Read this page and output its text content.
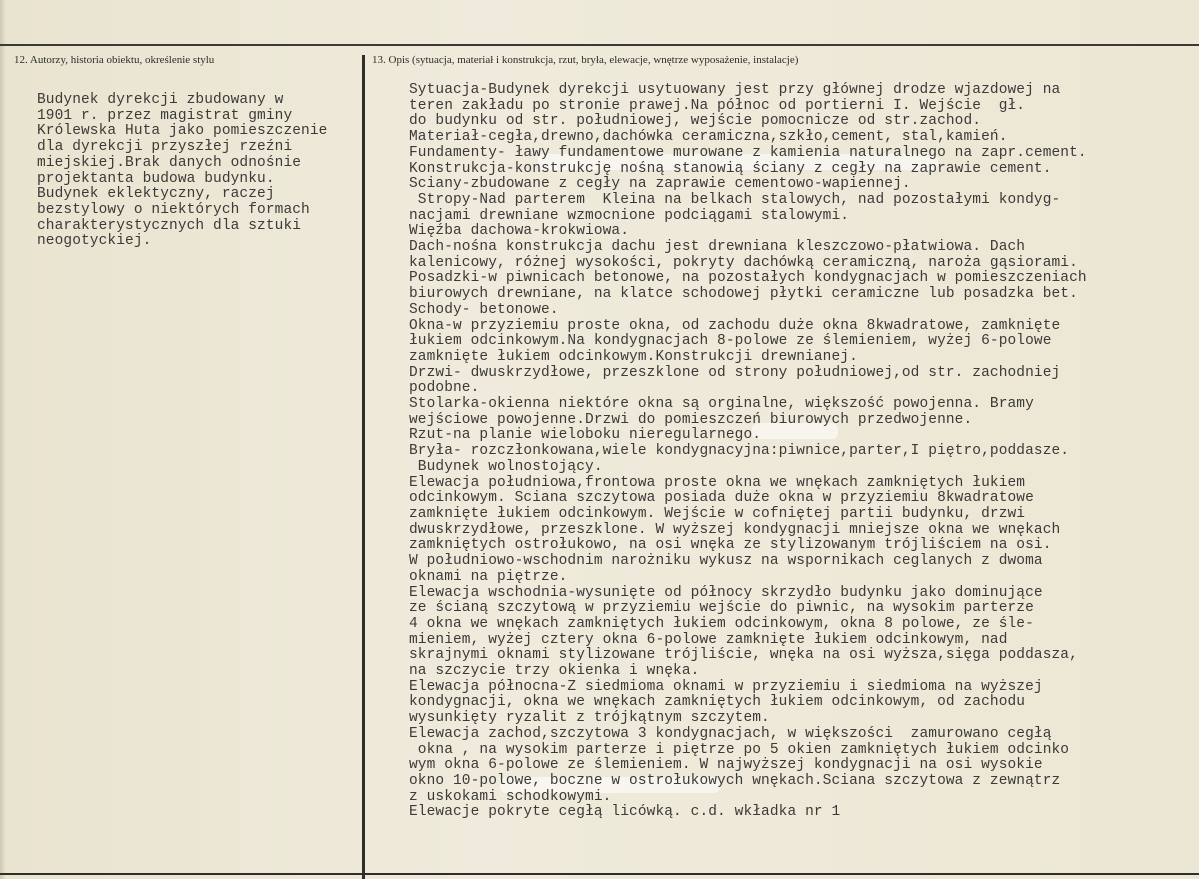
12. Autorzy, historia obiektu, określenie stylu	13. Opis (sytuacja, materiał i konstrukcja, rzut, bryła, elewacje, wnętrze wyposażenie, instalacje)
Budynek dyrekcji zbudowany w
1901 r. przez magistrat gminy
Królewska Huta jako pomieszczenie
dla dyrekcji przyszłej rzeźni
miejskiej.Brak danych odnośnie
projektanta budowa budynku.
Budynek eklektyczny, raczej
bezstylowy o niektórych formach
charakterystycznych dla sztuki
neogotyckiej.
Sytuacja-Budynek dyrekcji usytuowany jest przy głównej drodze wjazdowej na
teren zakładu po stronie prawej.Na północ od portierni I. Wejście  gł.
do budynku od str. południowej, wejście pomocnicze od str.zachod.
Materiał-cegła,drewno,dachówka ceramiczna,szkło,cement, stal,kamień.
Fundamenty- ławy fundamentowe murowane z kamienia naturalnego na zapr.cement.
Konstrukcja-konstrukcję nośną stanowią ściany z cegły na zaprawie cement.
Sciany-zbudowane z cegły na zaprawie cementowo-wapiennej.
Stropy-Nad parterem  Kleina na belkach stalowych, nad pozostałymi kondyg-
nacjami drewniane wzmocnione podciągami stalowymi.
Więźba dachowa-krokwiowa.
Dach-nośna konstrukcja dachu jest drewniana kleszczowo-płatwiowa. Dach
kalenicowy, różnej wysokości, pokryty dachówką ceramiczną, naroża gąsiorami.
Posadzki-w piwnicach betonowe, na pozostałych kondygnacjach w pomieszczeniach
biurowych drewniane, na klatce schodowej płytki ceramiczne lub posadzka bet.
Schody- betonowe.
Okna-w przyziemiu proste okna, od zachodu duże okna 8kwadratowe, zamknięte
łukiem odcinkowym.Na kondygnacjach 8-polowe ze ślemieniem, wyżej 6-polowe
zamknięte łukiem odcinkowym.Konstrukcji drewnianej.
Drzwi- dwuskrzydłowe, przeszklone od strony południowej,od str. zachodniej
podobne.
Stolarka-okienna niektóre okna są orginalne, większość powojenna. Bramy
wejściowe powojenne.Drzwi do pomieszczeń biurowych przedwojenne.
Rzut-na planie wieloboku nieregularnego.
Bryła- rozczłonkowana,wiele kondygnacyjna:piwnice,parter,I piętro,poddasze.
Budynek wolnostojący.
Elewacja południowa,frontowa proste okna we wnękach zamkniętych łukiem
odcinkowym. Sciana szczytowa posiada duże okna w przyziemiu 8kwadratowe
zamknięte łukiem odcinkowym. Wejście w cofniętej partii budynku, drzwi
dwuskrzydłowe, przeszklone. W wyższej kondygnacji mniejsze okna we wnękach
zamkniętych ostrołukowo, na osi wnęka ze stylizowanym trójliściem na osi.
W południowo-wschodnim narożniku wykusz na wspornikach ceglanych z dwoma
oknami na piętrze.
Elewacja wschodnia-wysunięte od północy skrzydło budynku jako dominujące
ze ścianą szczytową w przyziemiu wejście do piwnic, na wysokim parterze
4 okna we wnękach zamkniętych łukiem odcinkowym, okna 8 polowe, ze śle-
mieniem, wyżej cztery okna 6-polowe zamknięte łukiem odcinkowym, nad
skrajnymi oknami stylizowane trójliście, wnęka na osi wyższa,sięga poddasza,
na szczycie trzy okienka i wnęka.
Elewacja północna-Z siedmioma oknami w przyziemiu i siedmioma na wyższej
kondygnacji, okna we wnękach zamkniętych łukiem odcinkowym, od zachodu
wysunkięty ryzalit z trójkątnym szczytem.
Elewacja zachod,szczytowa 3 kondygnacjach, w większości  zamurowano cegłą
okna , na wysokim parterze i piętrze po 5 okien zamkniętych łukiem odcinko
wym okna 6-polowe ze ślemieniem. W najwyższej kondygnacji na osi wysokie
okno 10-polowe, boczne w ostrołukowych wnękach.Sciana szczytowa z zewnątrz
z uskokami schodkowymi.
Elewacje pokryte cegłą licówką. c.d. wkładka nr 1
